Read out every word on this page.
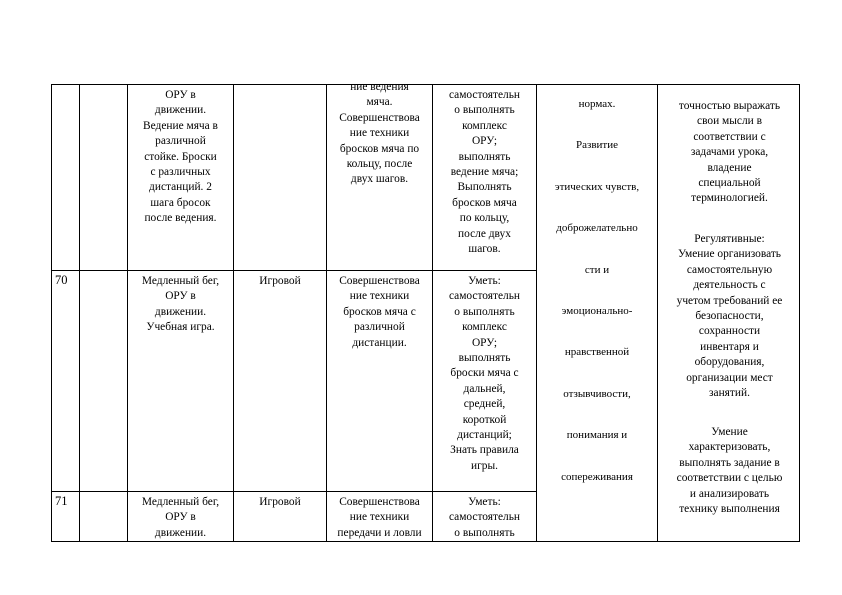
70
71
ОРУ в
движении.
Ведение мяча в
различной
стойке. Броски
с различных
дистанций. 2
шага бросок
после ведения.
ние ведения
мяча.
Совершенствова
ние техники
бросков мяча по
кольцу, после
двух шагов.
самостоятельн
о выполнять
комплекс
ОРУ;
выполнять
ведение мяча;
Выполнять
бросков мяча
по кольцу,
после двух
шагов.
Медленный бег,
ОРУ в
движении.
Учебная игра.
Игровой	Совершенствова
ние техники
бросков мяча с
различной
дистанции.
Уметь:
самостоятельн
о выполнять
комплекс
ОРУ;
выполнять
броски мяча с
дальней,
средней,
короткой
дистанций;
Знать правила
игры.
Медленный бег,
ОРУ в
движении.
Игровой	Совершенствова
ние техники
передачи и ловли
Уметь:
самостоятельн
о выполнять
нормах.
Развитие
этических чувств,
доброжелательно
сти и
эмоционально-
нравственной
отзывчивости,
понимания и
сопереживания
точностью выражать
свои мысли в
соответствии с
задачами урока,
владение
специальной
терминологией.
Регулятивные:
Умение организовать
самостоятельную
деятельность с
учетом требований ее
безопасности,
сохранности
инвентаря и
оборудования,
организации мест
занятий.
Умение
характеризовать,
выполнять задание в
соответствии с целью
и анализировать
технику выполнения
